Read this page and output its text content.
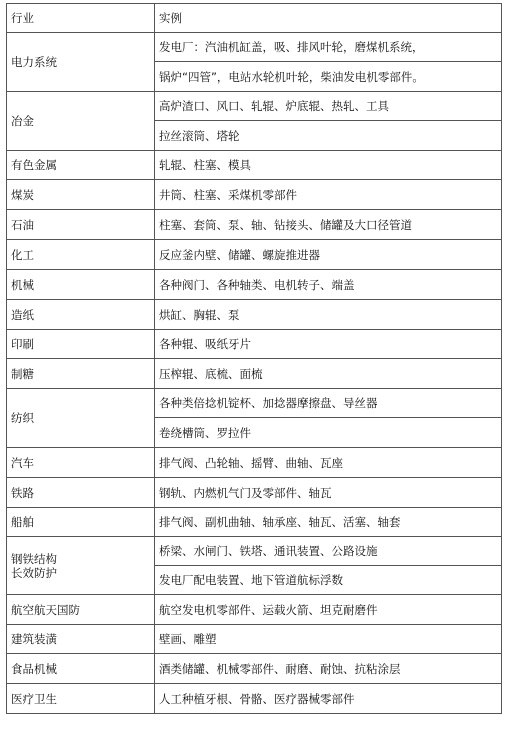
行业	实例
电力系统	发电厂：汽油机缸盖，吸、排风叶轮，磨煤机系统，
	锅炉“四管”，电站水轮机叶轮，柴油发电机零部件。
冶金	高炉渣口、风口、轧辊、炉底辊、热轧、工具
	拉丝滚筒、塔轮
有色金属	轧辊、柱塞、模具
煤炭	井筒、柱塞、采煤机零部件
石油	柱塞、套筒、泵、轴、钻接头、储罐及大口径管道
化工	反应釜内壁、储罐、螺旋推进器
机械	各种阀门、各种轴类、电机转子、端盖
造纸	烘缸、胸辊、泵
印刷	各种辊、吸纸牙片
制糖	压榨辊、底梳、面梳
纺织	各种类倍捻机锭杯、加捻器摩擦盘、导丝器
	卷绕槽筒、罗拉件
汽车	排气阀、凸轮轴、摇臂、曲轴、瓦座
铁路	钢轨、内燃机气门及零部件、轴瓦
船舶	排气阀、副机曲轴、轴承座、轴瓦、活塞、轴套
钢铁结构
长效防护	桥梁、水闸门、铁塔、通讯装置、公路设施
	发电厂配电装置、地下管道航标浮数
航空航天国防	航空发电机零部件、运载火箭、坦克耐磨件
建筑装潢	壁画、雕塑
食品机械	酒类储罐、机械零部件、耐磨、耐蚀、抗粘涂层
医疗卫生	人工种植牙根、骨骼、医疗器械零部件
